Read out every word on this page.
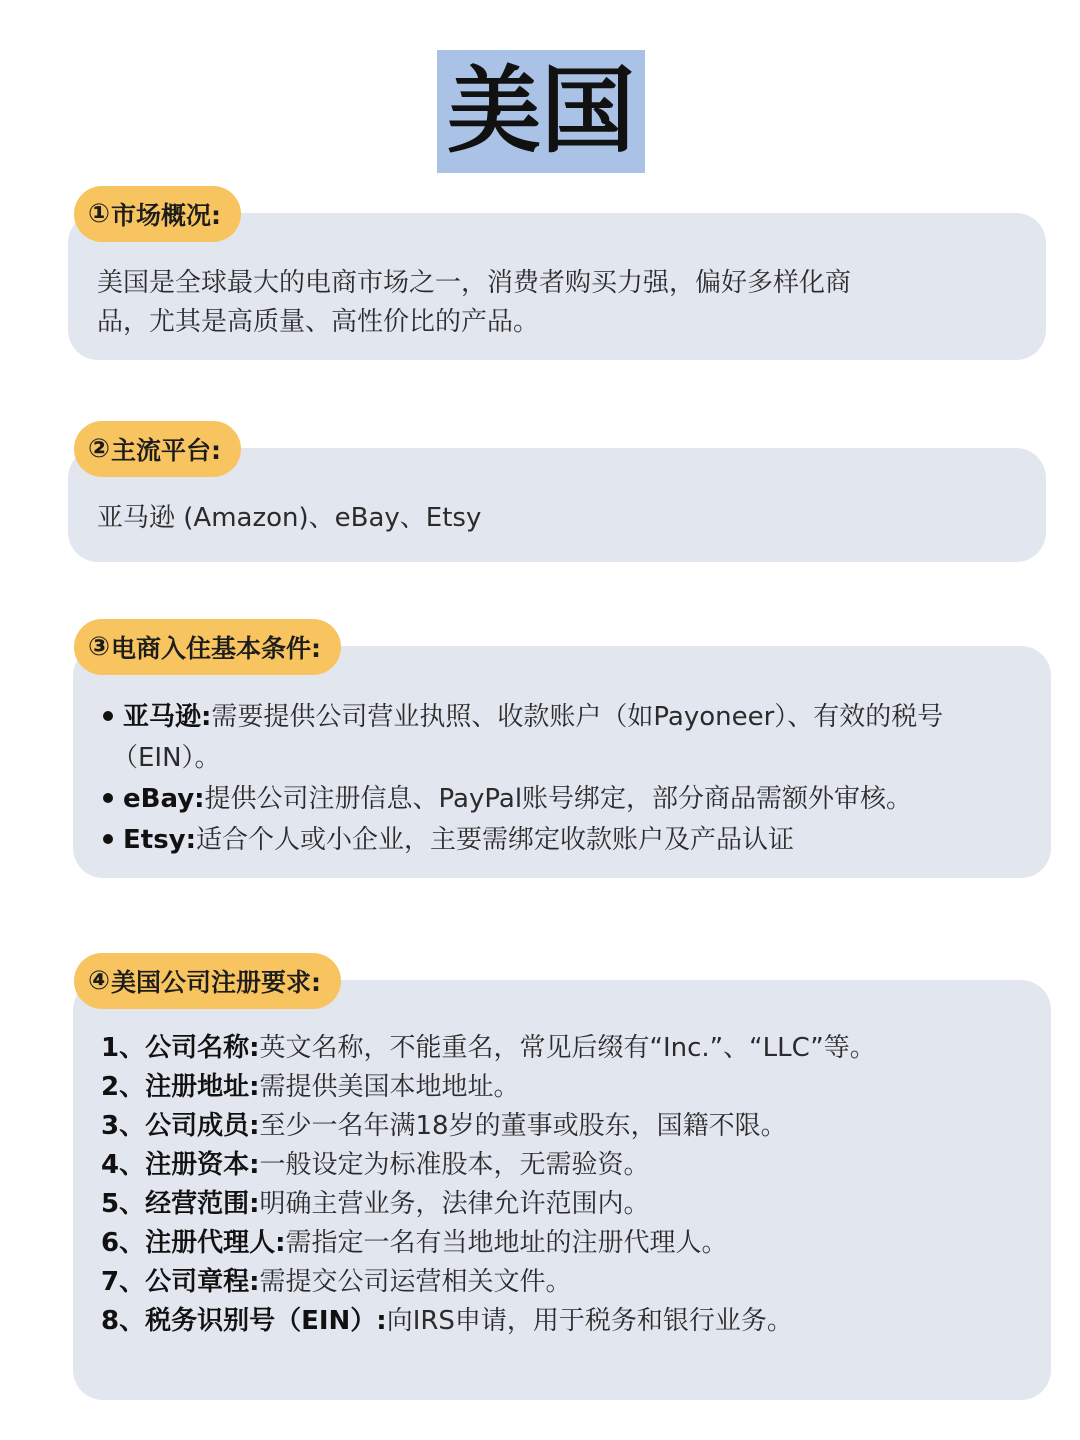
美国
① 市场概况:
美国是全球最大的电商市场之一，消费者购买力强，偏好多样化商
品，尤其是高质量、高性价比的产品。
② 主流平台:
亚马逊 (Amazon)、eBay、Etsy
③ 电商入住基本条件:
亚马逊:需要提供公司营业执照、收款账户（如Payoneer）、有效的税号
（EIN）。
eBay:提供公司注册信息、PayPal账号绑定，部分商品需额外审核。
Etsy:适合个人或小企业，主要需绑定收款账户及产品认证
④ 美国公司注册要求:
1、公司名称:英文名称，不能重名，常见后缀有“Inc.”、“LLC”等。
2、注册地址:需提供美国本地地址。
3、公司成员:至少一名年满18岁的董事或股东，国籍不限。
4、注册资本:一般设定为标准股本，无需验资。
5、经营范围:明确主营业务，法律允许范围内。
6、注册代理人:需指定一名有当地地址的注册代理人。
7、公司章程:需提交公司运营相关文件。
8、税务识别号（EIN）:向IRS申请，用于税务和银行业务。
